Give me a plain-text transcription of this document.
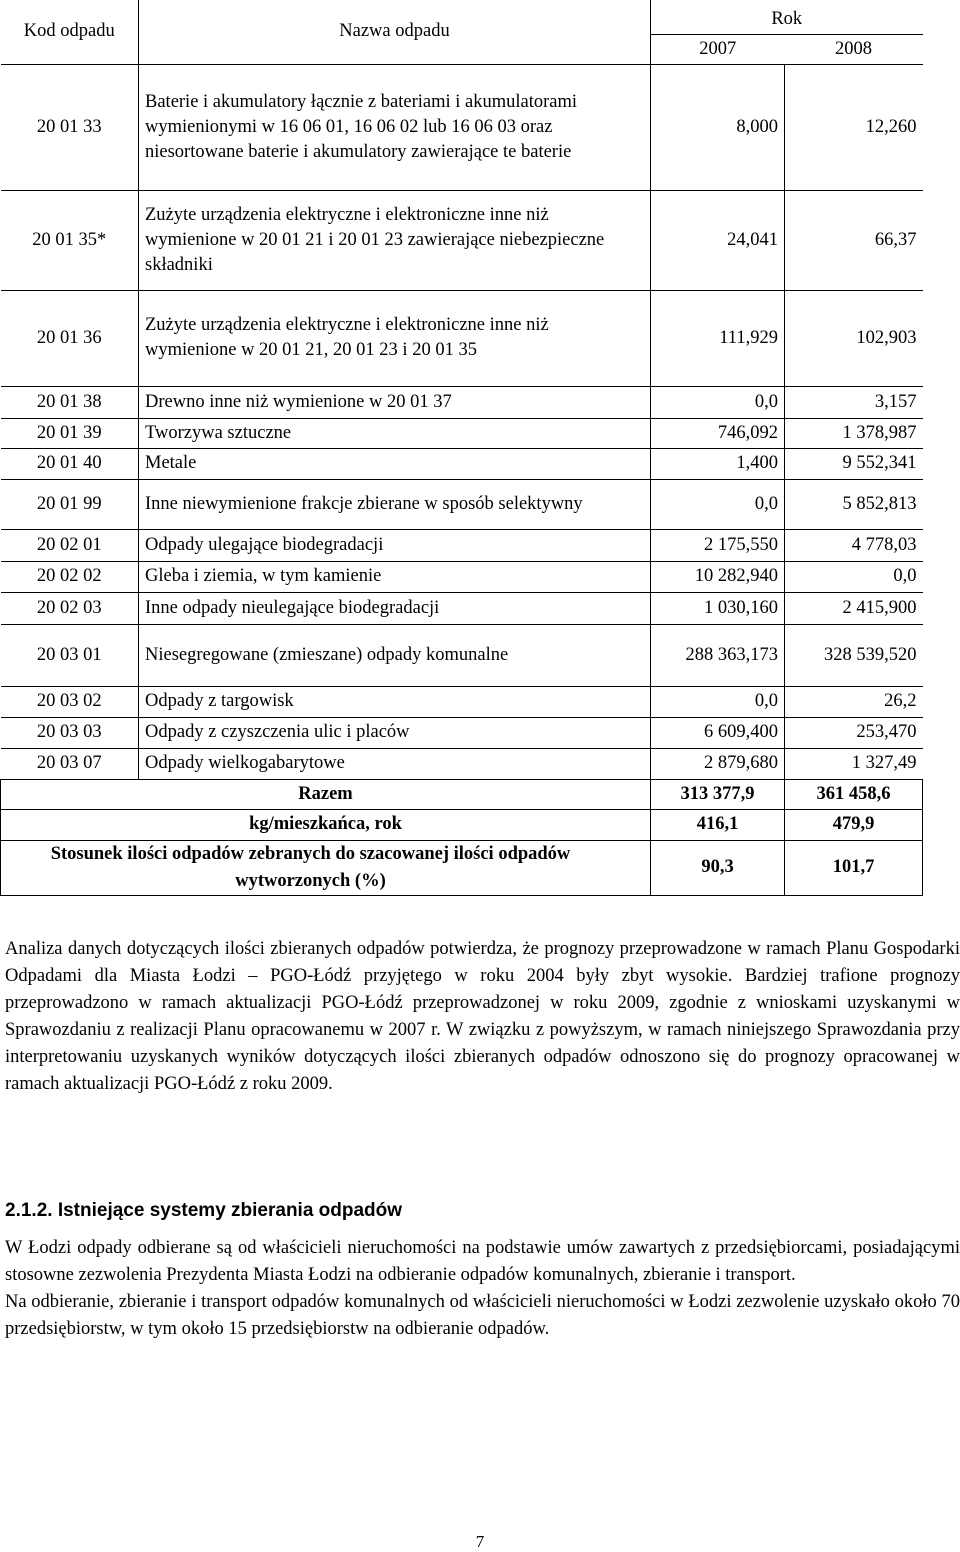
Kod odpadu	Nazwa odpadu	Rok	
		2007	2008
20 01 33	Baterie i akumulatory łącznie z bateriami i akumulatorami wymienionymi w 16 06 01, 16 06 02 lub 16 06 03 oraz niesortowane baterie i akumulatory zawierające te baterie	8,000	12,260
20 01 35*	Zużyte urządzenia elektryczne i elektroniczne inne niż wymienione w 20 01 21 i 20 01 23 zawierające niebezpieczne składniki	24,041	66,37
20 01 36	Zużyte urządzenia elektryczne i elektroniczne inne niż wymienione w 20 01 21, 20 01 23 i 20 01 35	111,929	102,903
20 01 38	Drewno inne niż wymienione w 20 01 37	0,0	3,157
20 01 39	Tworzywa sztuczne	746,092	1 378,987
20 01 40	Metale	1,400	9 552,341
20 01 99	Inne niewymienione frakcje zbierane w sposób selektywny	0,0	5 852,813
20 02 01	Odpady ulegające biodegradacji	2 175,550	4 778,03
20 02 02	Gleba i ziemia, w tym kamienie	10 282,940	0,0
20 02 03	Inne odpady nieulegające biodegradacji	1 030,160	2 415,900
20 03 01	Niesegregowane (zmieszane) odpady komunalne	288 363,173	328 539,520
20 03 02	Odpady z targowisk	0,0	26,2
20 03 03	Odpady z czyszczenia ulic i placów	6 609,400	253,470
20 03 07	Odpady wielkogabarytowe	2 879,680	1 327,49
Razem		313 377,9	361 458,6
kg/mieszkańca, rok		416,1	479,9
Stosunek ilości odpadów zebranych do szacowanej ilości odpadów wytworzonych (%)		90,3	101,7

Analiza danych dotyczących ilości zbieranych odpadów potwierdza, że prognozy przeprowadzone w ramach Planu Gospodarki Odpadami dla Miasta Łodzi – PGO-Łódź przyjętego w roku 2004 były zbyt wysokie. Bardziej trafione prognozy przeprowadzono w ramach aktualizacji PGO-Łódź przeprowadzonej w roku 2009, zgodnie z wnioskami uzyskanymi w Sprawozdaniu z realizacji Planu opracowanemu w 2007 r. W związku z powyższym, w ramach niniejszego Sprawozdania przy interpretowaniu uzyskanych wyników dotyczących ilości zbieranych odpadów odnoszono się do prognozy opracowanej w ramach aktualizacji PGO-Łódź z roku 2009.

2.1.2. Istniejące systemy zbierania odpadów

W Łodzi odpady odbierane są od właścicieli nieruchomości na podstawie umów zawartych z przedsiębiorcami, posiadającymi stosowne zezwolenia Prezydenta Miasta Łodzi na odbieranie odpadów komunalnych, zbieranie i transport.

Na odbieranie, zbieranie i transport odpadów komunalnych od właścicieli nieruchomości w Łodzi zezwolenie uzyskało około 70 przedsiębiorstw, w tym około 15 przedsiębiorstw na odbieranie odpadów.

7
